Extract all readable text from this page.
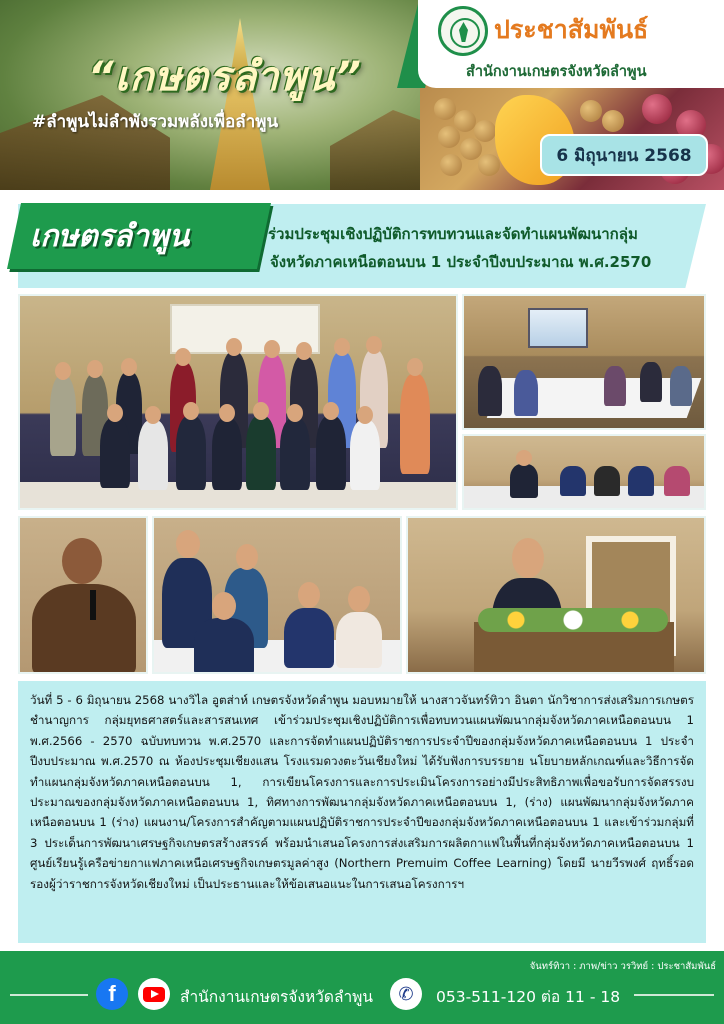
“เกษตรลำพูน”
#ลำพูนไม่ลำพังรวมพลังเพื่อลำพูน
ประชาสัมพันธ์
สำนักงานเกษตรจังหวัดลำพูน
6 มิถุนายน 2568
เกษตรลำพูน	ร่วมประชุมเชิงปฏิบัติการทบทวนและจัดทำแผนพัฒนากลุ่ม
จังหวัดภาคเหนือตอนบน 1 ประจำปีงบประมาณ พ.ศ.2570

วันที่ 5 - 6 มิถุนายน 2568 นางวิไล อูตส่าห์ เกษตรจังหวัดลำพูน มอบหมายให้ นางสาวจันทร์ทิวา อินตา นักวิชาการส่งเสริมการเกษตรชำนาญการ กลุ่มยุทธศาสตร์และสารสนเทศ เข้าร่วมประชุมเชิงปฏิบัติการเพื่อทบทวนแผนพัฒนากลุ่มจังหวัดภาคเหนือตอนบน 1 พ.ศ.2566 - 2570 ฉบับทบทวน พ.ศ.2570 และการจัดทำแผนปฏิบัติราชการประจำปีของกลุ่มจังหวัดภาคเหนือตอนบน 1 ประจำปีงบประมาณ พ.ศ.2570 ณ ห้องประชุมเชียงแสน โรงแรมดวงตะวันเชียงใหม่ ได้รับฟังการบรรยาย นโยบายหลักเกณฑ์และวิธีการจัดทำแผนกลุ่มจังหวัดภาคเหนือตอนบน 1, การเขียนโครงการและการประเมินโครงการอย่างมีประสิทธิภาพเพื่อขอรับการจัดสรรงบประมาณของกลุ่มจังหวัดภาคเหนือตอนบน 1, ทิศทางการพัฒนากลุ่มจังหวัดภาคเหนือตอนบน 1, (ร่าง) แผนพัฒนากลุ่มจังหวัดภาคเหนือตอนบน 1 (ร่าง) แผนงาน/โครงการสำคัญตามแผนปฏิบัติราชการประจำปีของกลุ่มจังหวัดภาคเหนือตอนบน 1 และเข้าร่วมกลุ่มที่ 3 ประเด็นการพัฒนาเศรษฐกิจเกษตรสร้างสรรค์ พร้อมนำเสนอโครงการส่งเสริมการผลิตกาแฟในพื้นที่กลุ่มจังหวัดภาคเหนือตอนบน 1 ศูนย์เรียนรู้เครือข่ายกาแฟภาคเหนือเศรษฐกิจเกษตรมูลค่าสูง (Northern Premuim Coffee Learning) โดยมี นายวีรพงศ์ ฤทธิ์รอด รองผู้ว่าราชการจังหวัดเชียงใหม่ เป็นประธานและให้ข้อเสนอแนะในการเสนอโครงการฯ

จันทร์ทิวา : ภาพ/ข่าว วรวิทย์ : ประชาสัมพันธ์
f	สำนักงานเกษตรจังหวัดลำพูน	✆	053-511-120 ต่อ 11 - 18
